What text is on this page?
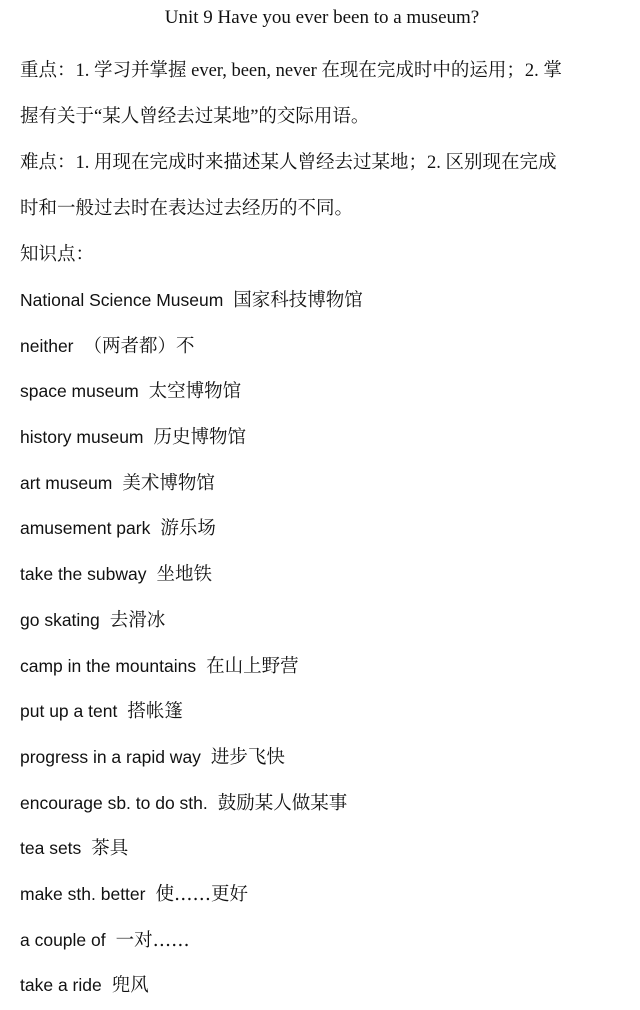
Unit 9 Have you ever been to a museum?

重点：1. 学习并掌握 ever, been, never 在现在完成时中的运用；2. 掌
握有关于“某人曾经去过某地”的交际用语。

难点：1. 用现在完成时来描述某人曾经去过某地；2. 区别现在完成
时和一般过去时在表达过去经历的不同。

知识点：
National Science Museum 国家科技博物馆
neither （两者都）不
space museum 太空博物馆
history museum 历史博物馆
art museum 美术博物馆
amusement park 游乐场
take the subway 坐地铁
go skating 去滑冰
camp in the mountains 在山上野营
put up a tent 搭帐篷
progress in a rapid way 进步飞快
encourage sb. to do sth. 鼓励某人做某事
tea sets 茶具
make sth. better 使……更好
a couple of 一对……
take a ride 兜风
